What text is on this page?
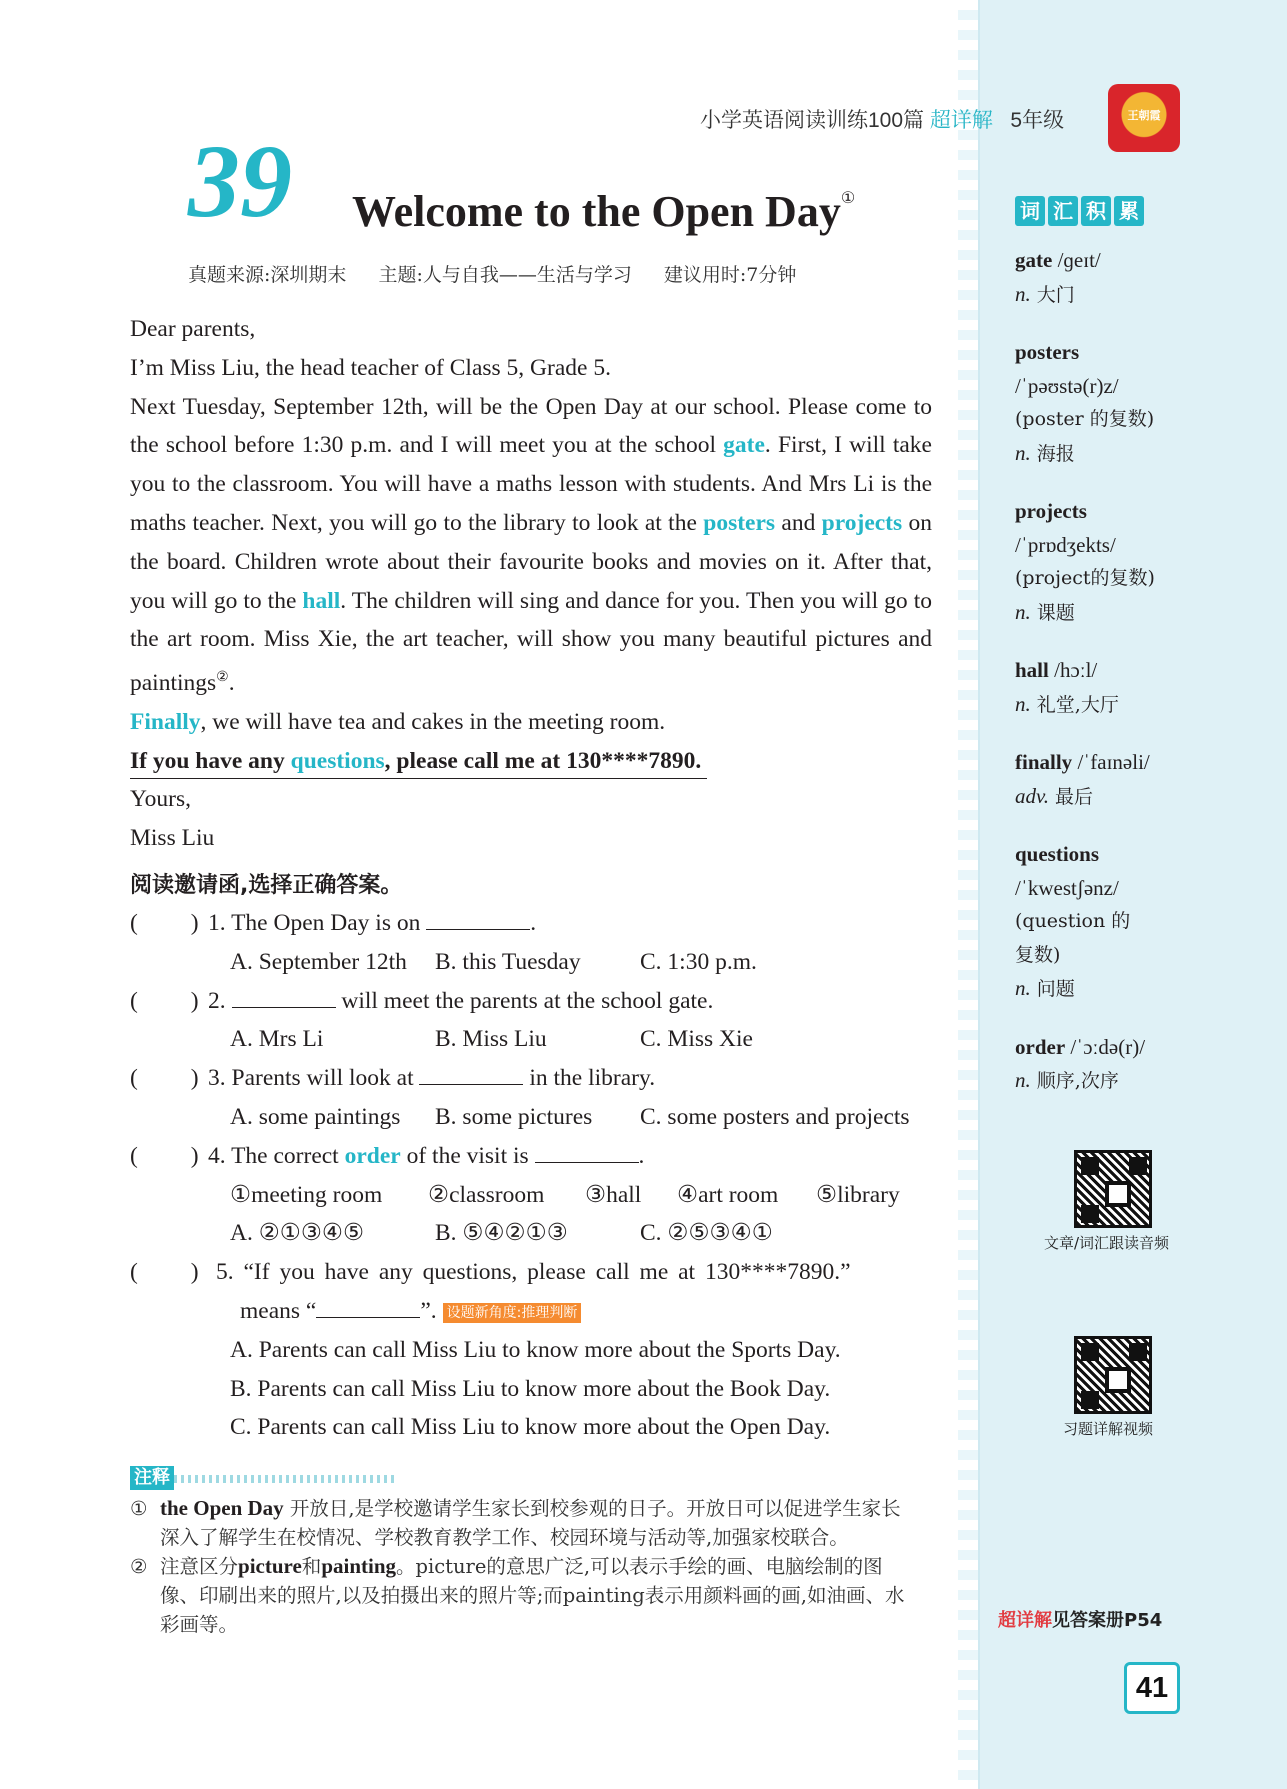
小学英语阅读训练100篇 超详解 5年级	王朝霞
39 Welcome to the Open Day①
真题来源:深圳期末 主题:人与自我——生活与学习 建议用时:7分钟

Dear parents,

I’m Miss Liu, the head teacher of Class 5, Grade 5.

Next Tuesday, September 12th, will be the Open Day at our school. Please come to the school before 1:30 p.m. and I will meet you at the school gate. First, I will take you to the classroom. You will have a maths lesson with students. And Mrs Li is the maths teacher. Next, you will go to the library to look at the posters and projects on the board. Children wrote about their favourite books and movies on it. After that, you will go to the hall. The children will sing and dance for you. Then you will go to the art room. Miss Xie, the art teacher, will show you many beautiful pictures and paintings②.

Finally, we will have tea and cakes in the meeting room.

If you have any questions, please call me at 130****7890.

Yours,

Miss Liu

阅读邀请函,选择正确答案。
( ) 1. The Open Day is on	.
A. September 12th B. this Tuesday	C. 1:30 p.m.
( ) 2.	will meet the parents at the school gate.
A. Mrs Li	B. Miss Liu	C. Miss Xie
( ) 3. Parents will look at	in the library.
A. some paintings B. some pictures C. some posters and projects
( ) 4. The correct order of the visit is	.
①meeting room ②classroom ③hall ④art room ⑤library
A. ②①③④⑤	B. ⑤④②①③	C. ②⑤③④①
( ) 5. “If you have any questions, please call me at 130****7890.”
means “	”. 设题新角度:推理判断
A. Parents can call Miss Liu to know more about the Sports Day.
B. Parents can call Miss Liu to know more about the Book Day.
C. Parents can call Miss Liu to know more about the Open Day.
注释
① the Open Day 开放日,是学校邀请学生家长到校参观的日子。开放日可以促进学生家长深入了解学生在校情况、学校教育教学工作、校园环境与活动等,加强家校联合。
② 注意区分picture和painting。picture的意思广泛,可以表示手绘的画、电脑绘制的图像、印刷出来的照片,以及拍摄出来的照片等;而painting表示用颜料画的画,如油画、水彩画等。
词 汇 积 累
gate /ɡeɪt/
n. 大门
posters
/ˈpəʊstə(r)z/
(poster 的复数)
n. 海报
projects
/ˈprɒdʒekts/
(project的复数)
n. 课题
hall /hɔːl/
n. 礼堂,大厅
finally /ˈfaɪnəli/
adv. 最后
questions
/ˈkwestʃənz/
(question 的
复数)
n. 问题
order /ˈɔːdə(r)/
n. 顺序,次序
文章/词汇跟读音频
习题详解视频
超详解见答案册P54
41
